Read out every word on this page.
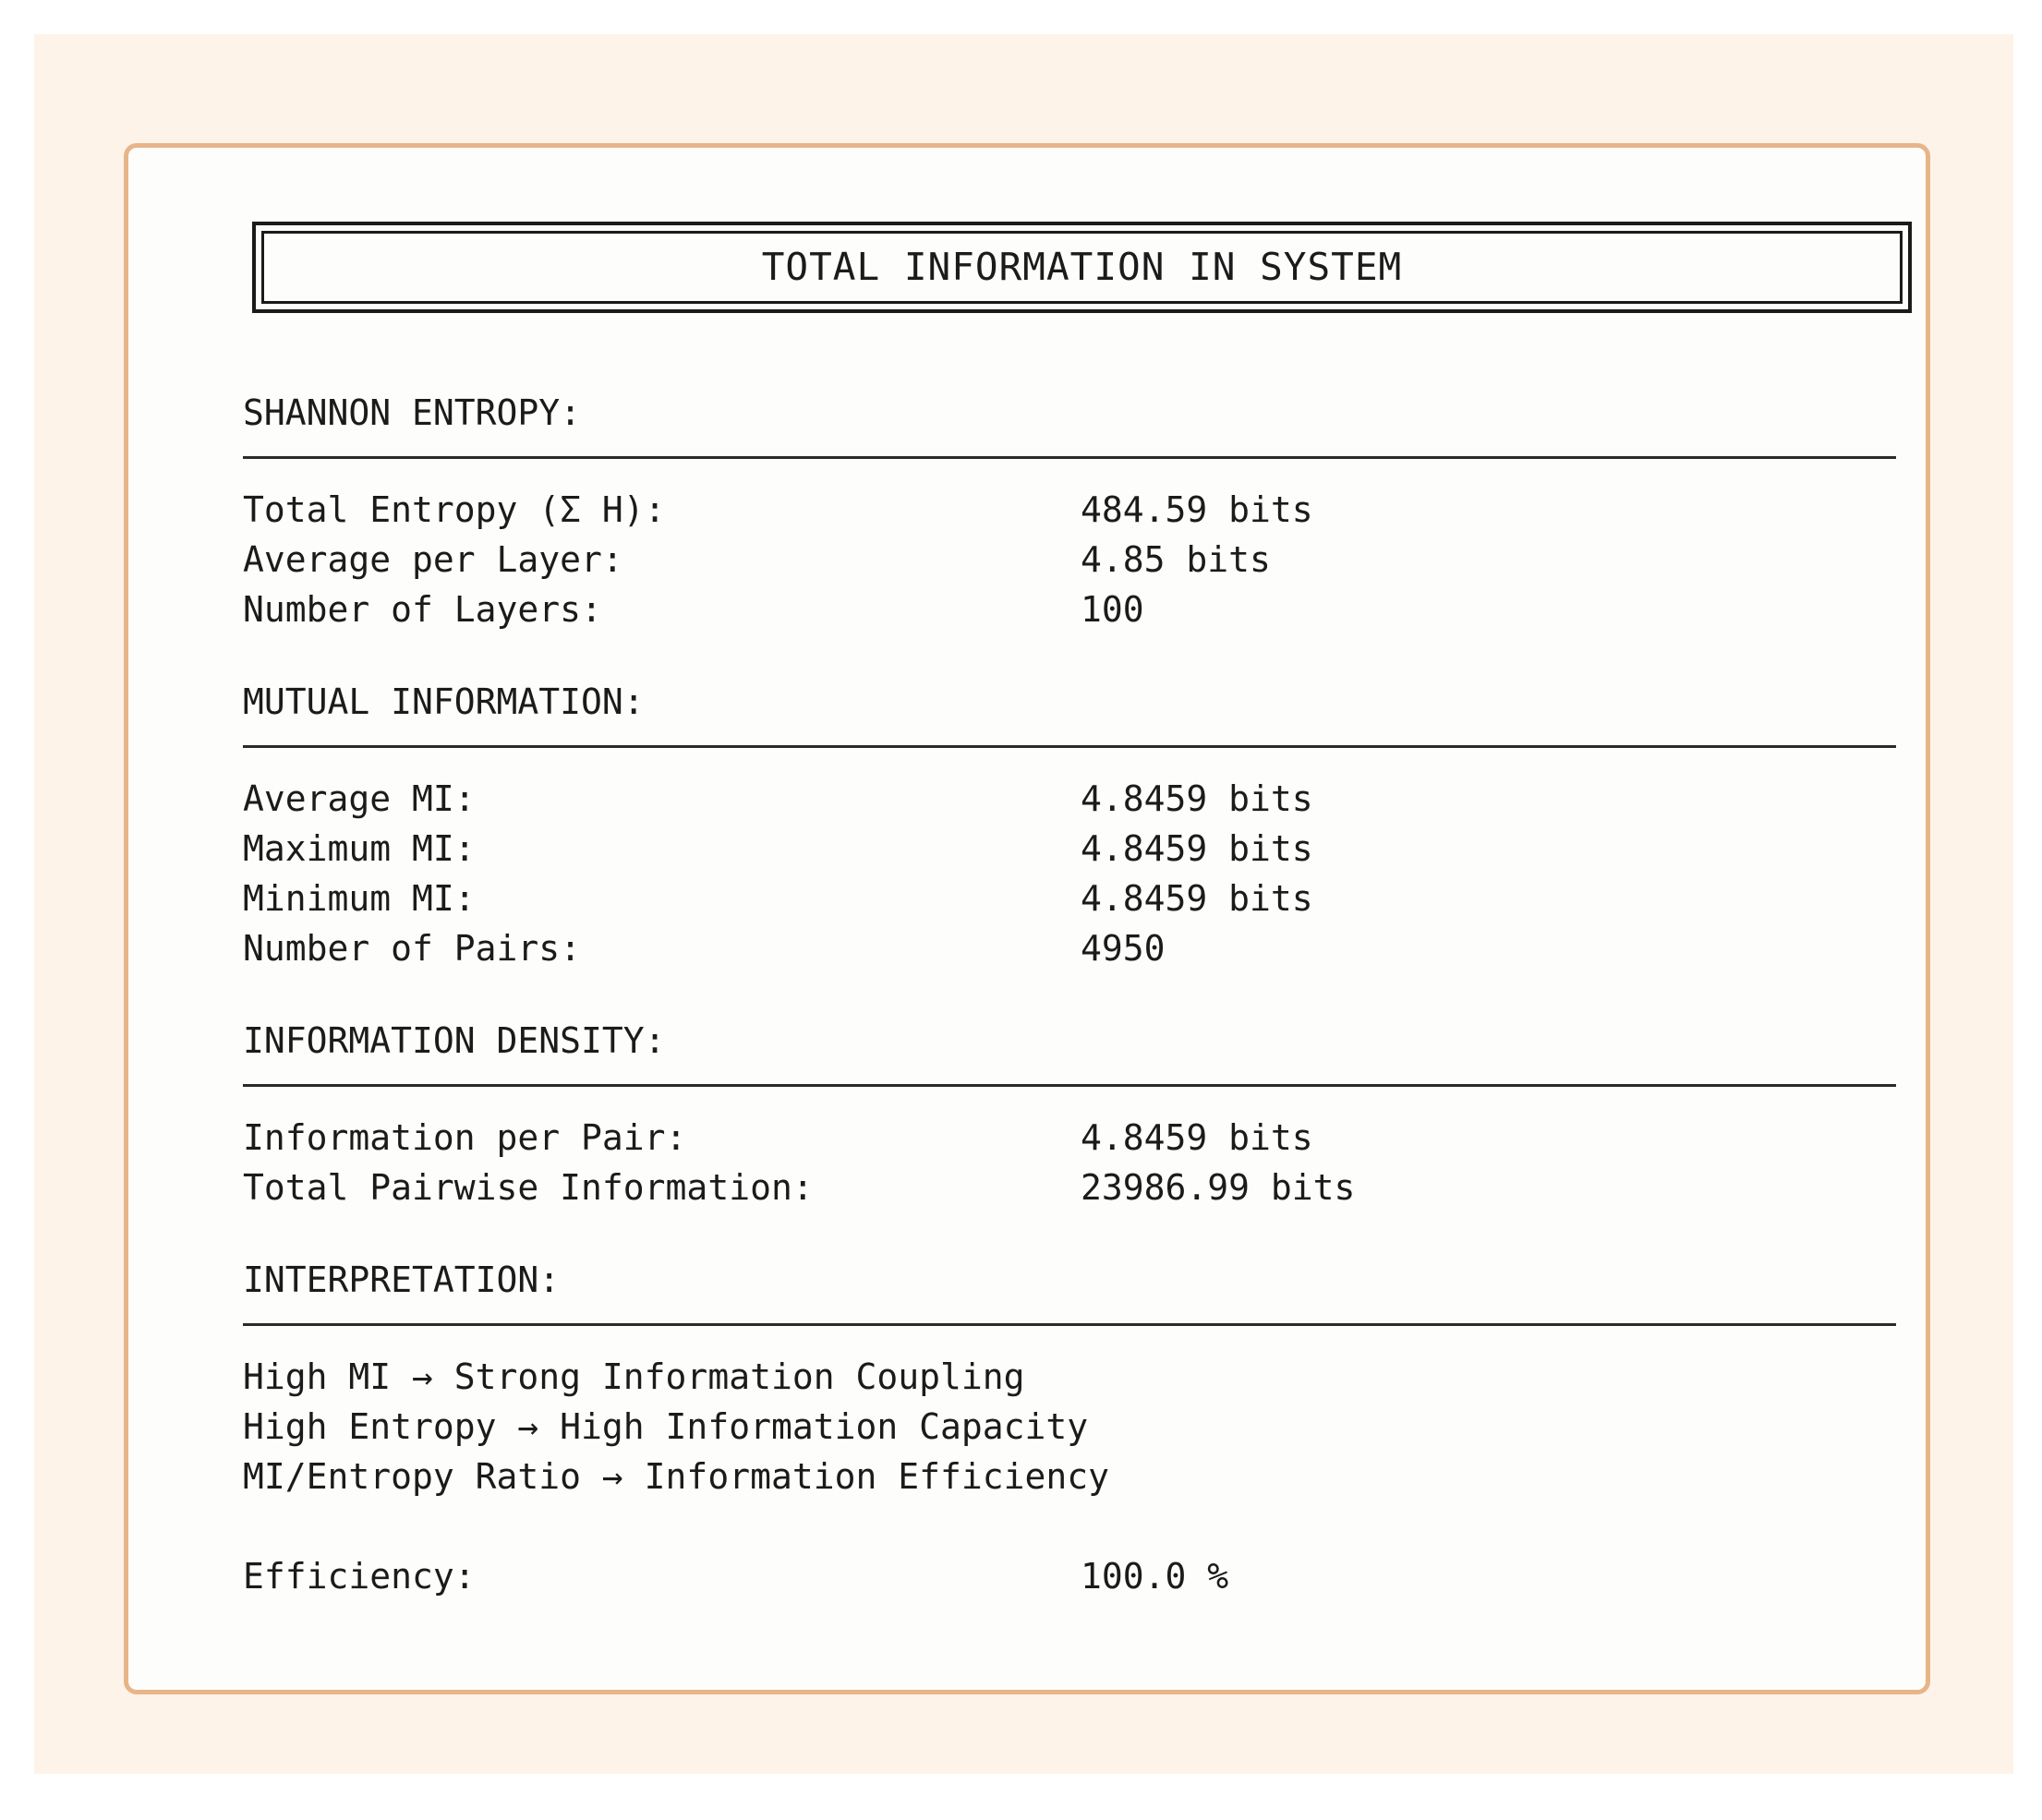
TOTAL INFORMATION IN SYSTEM
SHANNON ENTROPY:
Total Entropy (Σ H):	484.59 bits
Average per Layer:	4.85 bits
Number of Layers:	100
MUTUAL INFORMATION:
Average MI:	4.8459 bits
Maximum MI:	4.8459 bits
Minimum MI:	4.8459 bits
Number of Pairs:	4950
INFORMATION DENSITY:
Information per Pair:	4.8459 bits
Total Pairwise Information:	23986.99 bits
INTERPRETATION:
High MI → Strong Information Coupling
High Entropy → High Information Capacity
MI/Entropy Ratio → Information Efficiency
Efficiency:	100.0 %
